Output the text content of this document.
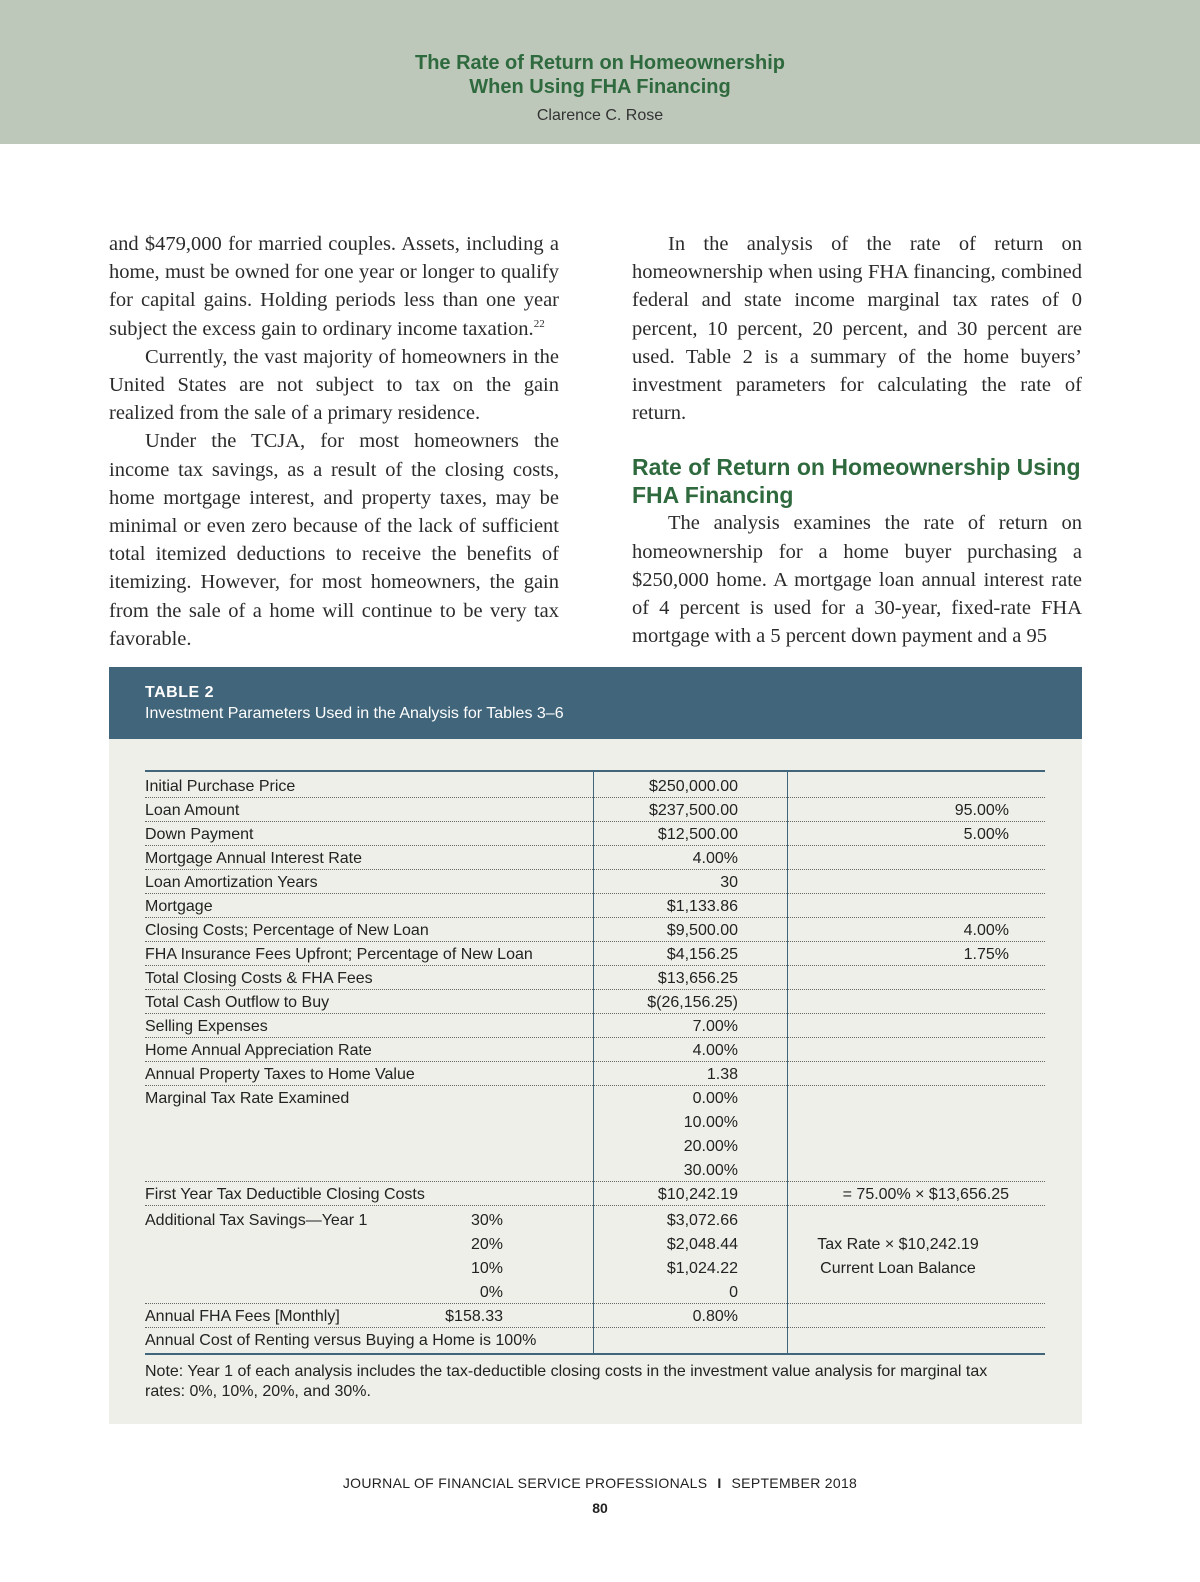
The Rate of Return on Homeownership
When Using FHA Financing
Clarence C. Rose

and $479,000 for married couples. Assets, including a home, must be owned for one year or longer to qualify for capital gains. Holding periods less than one year subject the excess gain to ordinary income taxation.$^{22}$

Currently, the vast majority of homeowners in the United States are not subject to tax on the gain realized from the sale of a primary residence.

Under the TCJA, for most homeowners the income tax savings, as a result of the closing costs, home mortgage interest, and property taxes, may be minimal or even zero because of the lack of sufficient total itemized deductions to receive the benefits of itemizing. However, for most homeowners, the gain from the sale of a home will continue to be very tax favorable.

In the analysis of the rate of return on homeownership when using FHA financing, combined federal and state income marginal tax rates of 0 percent, 10 percent, 20 percent, and 30 percent are used. Table 2 is a summary of the home buyers’ investment parameters for calculating the rate of return.

Rate of Return on Homeownership Using FHA Financing

The analysis examines the rate of return on homeownership for a home buyer purchasing a $250,000 home. A mortgage loan annual interest rate of 4 percent is used for a 30-year, fixed-rate FHA mortgage with a 5 percent down payment and a 95

TABLE 2
Investment Parameters Used in the Analysis for Tables 3–6
Initial Purchase Price	$250,000.00
Loan Amount	$237,500.00	95.00%
Down Payment	$12,500.00	5.00%
Mortgage Annual Interest Rate	4.00%
Loan Amortization Years	30
Mortgage	$1,133.86
Closing Costs; Percentage of New Loan	$9,500.00	4.00%
FHA Insurance Fees Upfront; Percentage of New Loan	$4,156.25	1.75%
Total Closing Costs & FHA Fees	$13,656.25
Total Cash Outflow to Buy	$(26,156.25)
Selling Expenses	7.00%
Home Annual Appreciation Rate	4.00%
Annual Property Taxes to Home Value	1.38
Marginal Tax Rate Examined	0.00%
10.00%
20.00%
30.00%
First Year Tax Deductible Closing Costs	$10,242.19	= 75.00% × $13,656.25
Additional Tax Savings—Year 1	30%	$3,072.66
20%	$2,048.44	Tax Rate × $10,242.19
10%	$1,024.22	Current Loan Balance
0%	0
Annual FHA Fees [Monthly]	$158.33	0.80%
Annual Cost of Renting versus Buying a Home is 100%
Note: Year 1 of each analysis includes the tax-deductible closing costs in the investment value analysis for marginal tax rates: 0%, 10%, 20%, and 30%.
JOURNAL OF FINANCIAL SERVICE PROFESSIONALS I SEPTEMBER 2018
80
